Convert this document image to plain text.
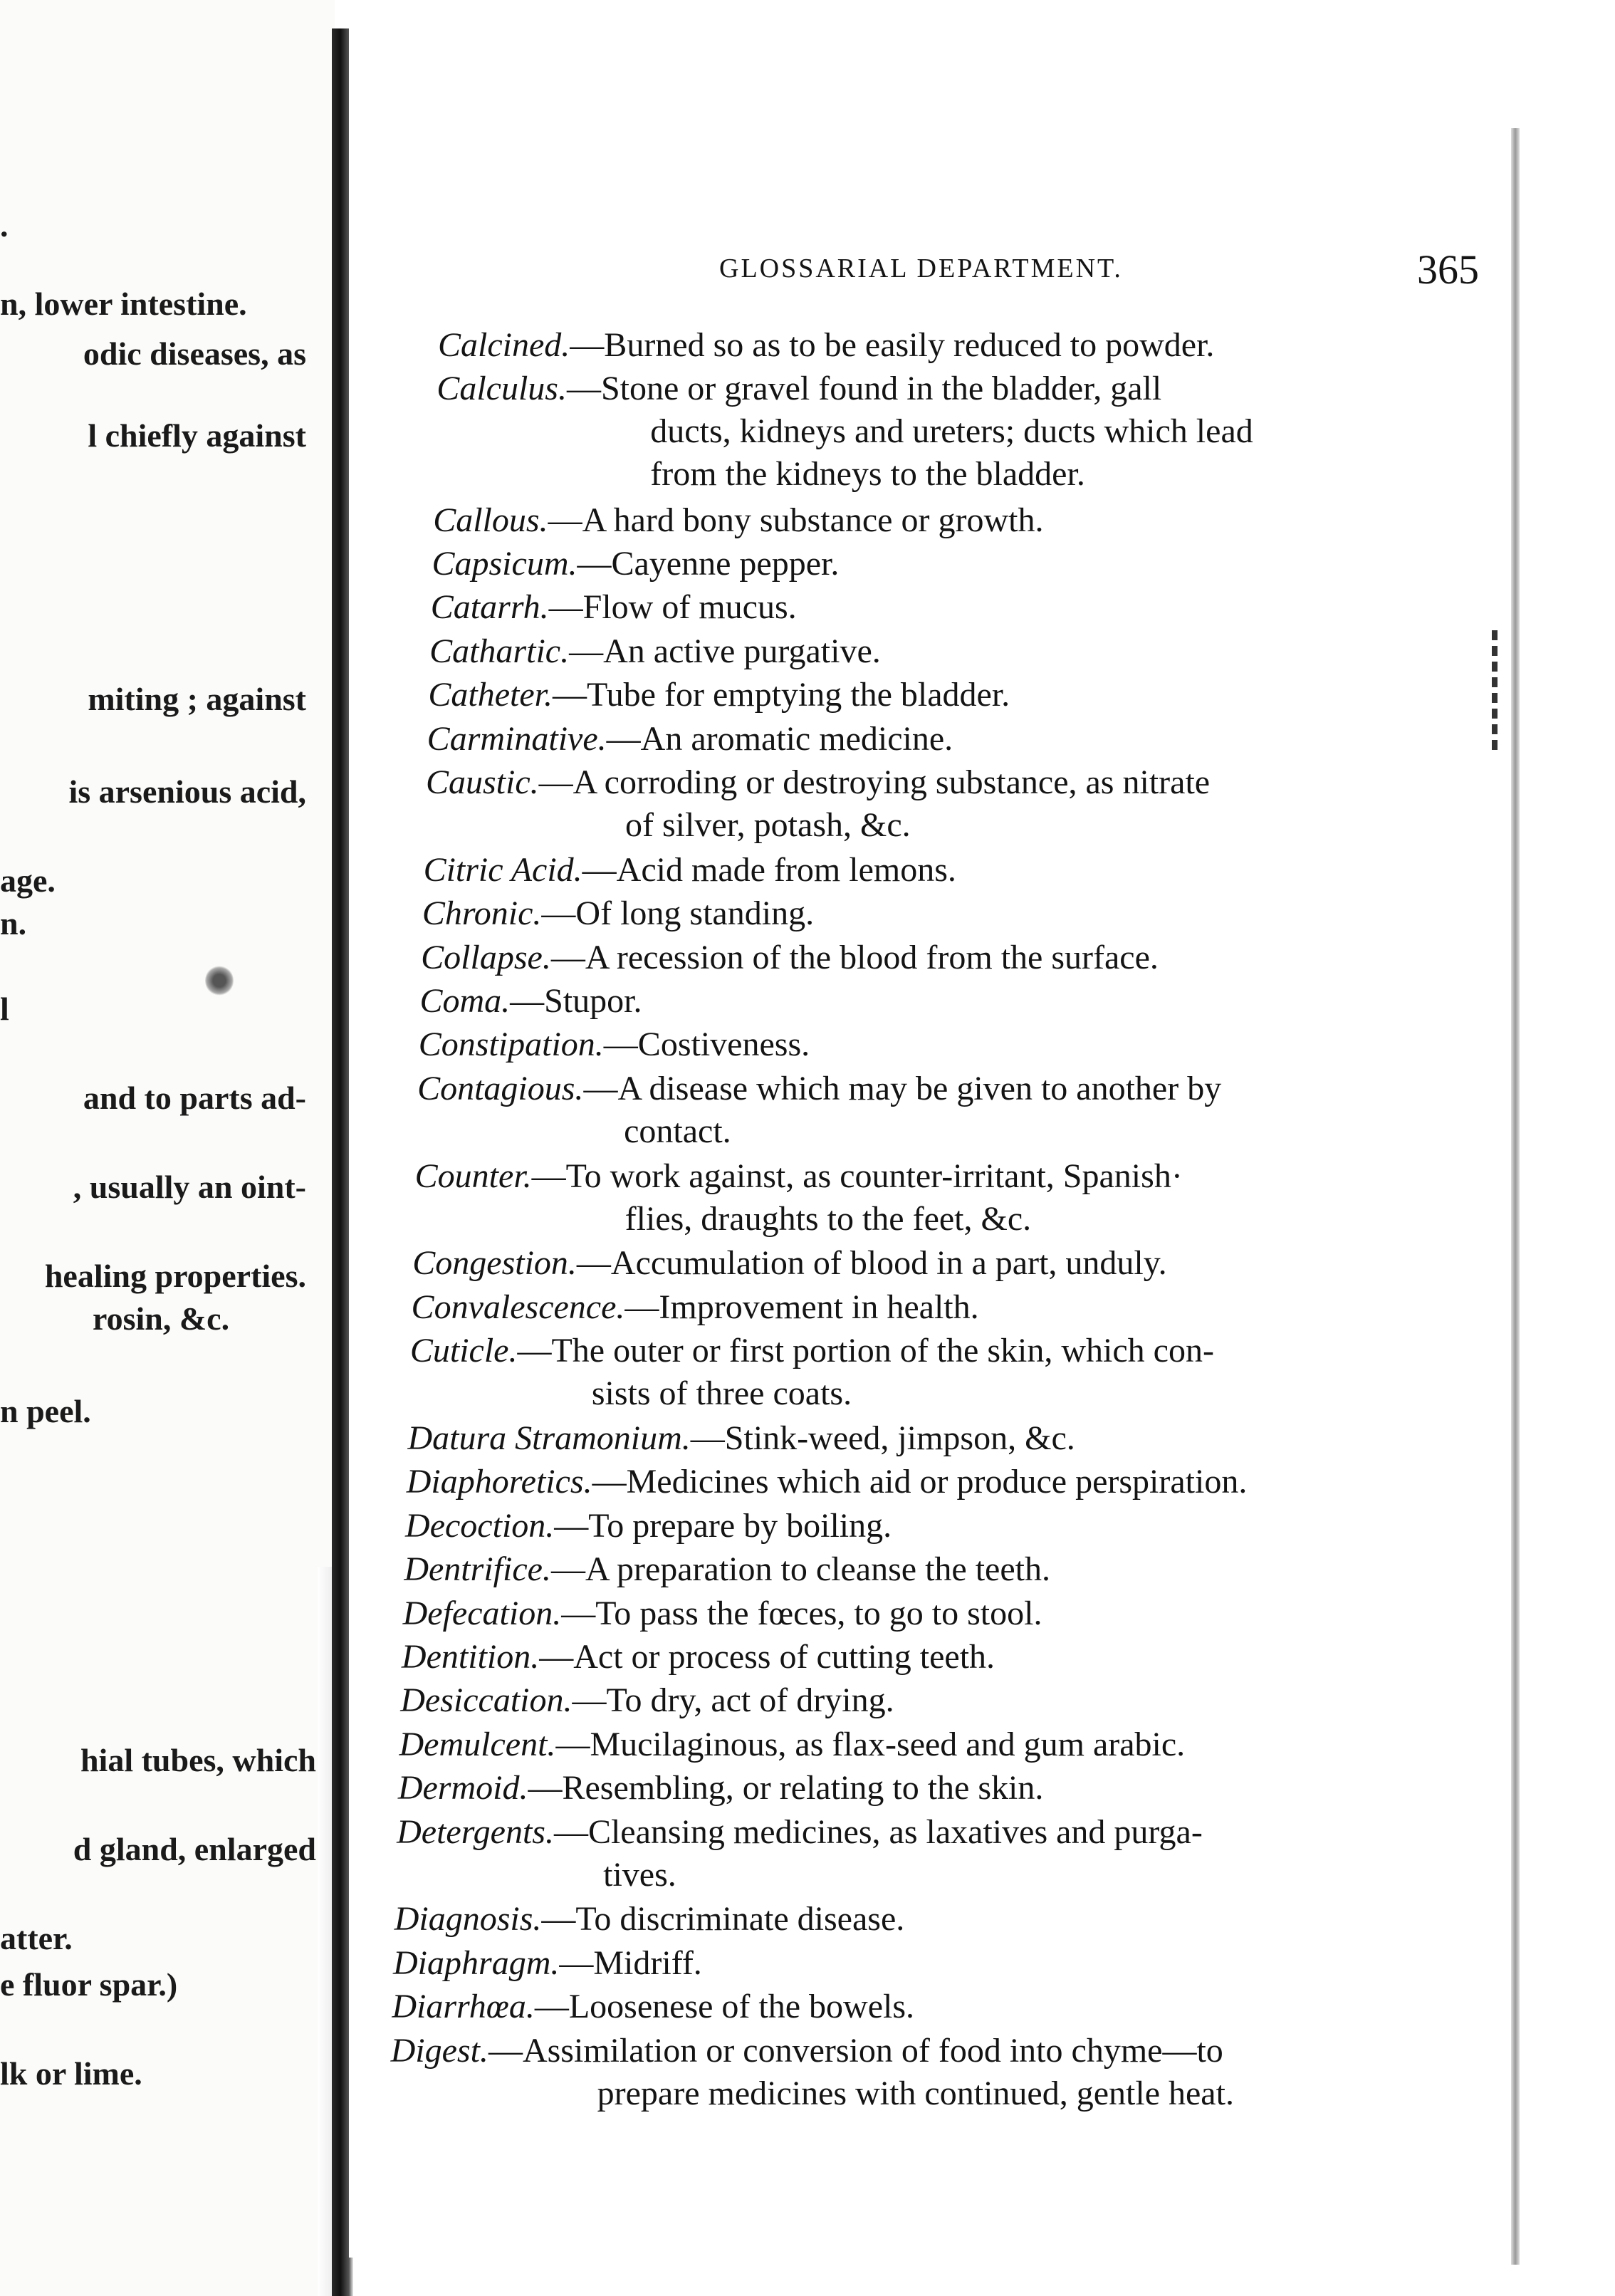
.
n, lower intestine.
odic diseases, as
l chiefly against
miting ; against
is arsenious acid,
age.
n.
l
and to parts ad-
, usually an oint-
healing properties.
rosin, &c.
n peel.
hial tubes, which
d gland, enlarged
atter.
e fluor spar.)
lk or lime.
GLOSSARIAL DEPARTMENT.	365
Calcined.—Burned so as to be easily reduced to powder.
Calculus.—Stone or gravel found in the bladder, gall
ducts, kidneys and ureters; ducts which lead
from the kidneys to the bladder.
Callous.—A hard bony substance or growth.
Capsicum.—Cayenne pepper.
Catarrh.—Flow of mucus.
Cathartic.—An active purgative.
Catheter.—Tube for emptying the bladder.
Carminative.—An aromatic medicine.
Caustic.—A corroding or destroying substance, as nitrate
of silver, potash, &c.
Citric Acid.—Acid made from lemons.
Chronic.—Of long standing.
Collapse.—A recession of the blood from the surface.
Coma.—Stupor.
Constipation.—Costiveness.
Contagious.—A disease which may be given to another by
contact.
Counter.—To work against, as counter-irritant, Spanish·
flies, draughts to the feet, &c.
Congestion.—Accumulation of blood in a part, unduly.
Convalescence.—Improvement in health.
Cuticle.—The outer or first portion of the skin, which con-
sists of three coats.
Datura Stramonium.—Stink-weed, jimpson, &c.
Diaphoretics.—Medicines which aid or produce perspiration.
Decoction.—To prepare by boiling.
Dentrifice.—A preparation to cleanse the teeth.
Defecation.—To pass the fœces, to go to stool.
Dentition.—Act or process of cutting teeth.
Desiccation.—To dry, act of drying.
Demulcent.—Mucilaginous, as flax-seed and gum arabic.
Dermoid.—Resembling, or relating to the skin.
Detergents.—Cleansing medicines, as laxatives and purga-
tives.
Diagnosis.—To discriminate disease.
Diaphragm.—Midriff.
Diarrhœa.—Loosenese of the bowels.
Digest.—Assimilation or conversion of food into chyme—to
prepare medicines with continued, gentle heat.
